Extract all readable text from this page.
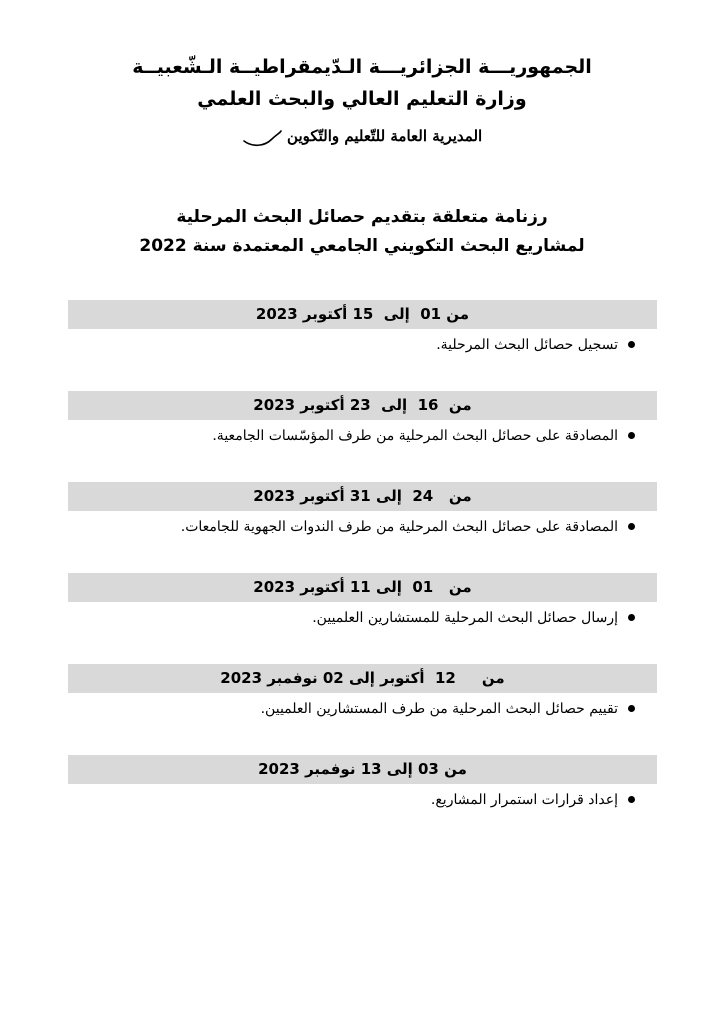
الجمهوريـــة الجزائريـــة الـدّيمقراطيــة الـشّعبيــة
وزارة التعليم العالي والبحث العلمي
المديرية العامة للتّعليم والتّكوين
رزنامة متعلقة بتقديم حصائل البحث المرحلية
لمشاريع البحث التكويني الجامعي المعتمدة سنة 2022
من 01  إلى  15 أكتوبر 2023
تسجيل حصائل البحث المرحلية.
من  16  إلى  23 أكتوبر 2023
المصادقة على حصائل البحث المرحلية من طرف المؤسّسات الجامعية.
من   24  إلى 31 أكتوبر 2023
المصادقة على حصائل البحث المرحلية من طرف الندوات الجهوية للجامعات.
من   01  إلى 11 أكتوبر 2023
إرسال حصائل البحث المرحلية للمستشارين العلميين.
من     12  أكتوبر إلى 02 نوفمبر 2023
تقييم حصائل البحث المرحلية من طرف المستشارين العلميين.
من 03 إلى 13 نوفمبر 2023
إعداد قرارات استمرار المشاريع.
